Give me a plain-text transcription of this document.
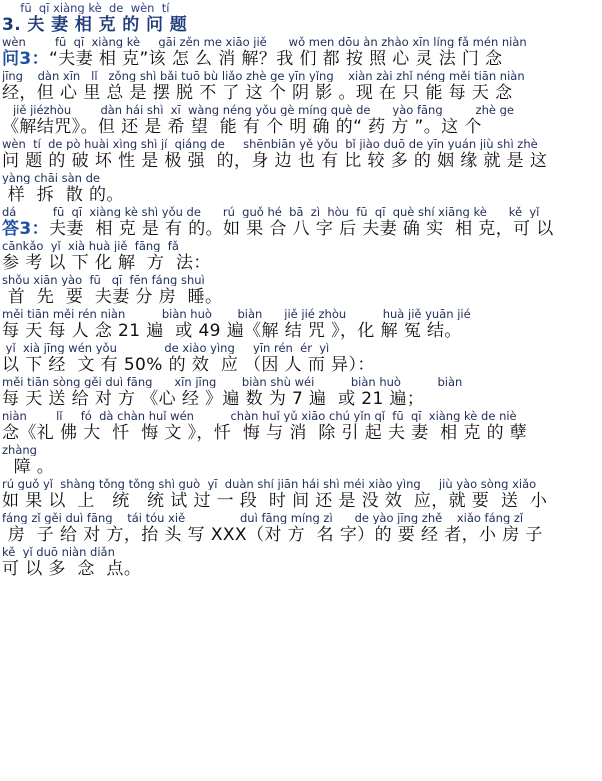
fū  qī xiàng kè  de  wèn  tí
3. 夫 妻 相 克 的 问 题
wèn        fū  qī  xiàng kè     gāi zěn me xiāo jiě      wǒ men dōu àn zhào xīn líng fǎ mén niàn
问3：“夫妻 相 克”该 怎 么 消 解？我 们 都 按 照 心 灵 法 门 念
jīng    dàn xīn   lǐ   zǒng shì bǎi tuō bù liǎo zhè ge yīn yǐng    xiàn zài zhǐ néng měi tiān niàn
经，但 心 里 总 是 摆 脱 不 了 这 个 阴 影 。现 在 只 能 每 天 念
jiě jiézhòu        dàn hái shì  xī  wàng néng yǒu gè míng què de      yào fāng         zhè ge
《解结咒》。但 还 是 希 望  能 有 个 明 确 的“ 药 方 ”。这 个
wèn  tí  de pò huài xìng shì jí  qiáng de     shēnbiān yě yǒu  bǐ jiào duō de yīn yuán jiù shì zhè
问 题 的 破 坏 性 是 极 强  的，身 边 也 有 比 较 多 的 姻 缘 就 是 这
yàng chāi sàn de
样  拆  散 的。
dá          fū  qī  xiàng kè shì yǒu de      rú  guǒ hé  bā  zì  hòu  fū  qī  què shí xiāng kè      kě  yǐ
答3：夫妻  相 克 是 有 的。如 果 合 八 字 后 夫妻 确 实  相 克，可 以
cānkǎo  yǐ  xià huà jiě  fāng  fǎ
参 考 以 下 化 解  方  法：
shǒu xiān yào  fū   qī  fēn fáng shuì
首  先  要  夫妻 分 房  睡。
měi tiān měi rén niàn          biàn huò       biàn      jiě jié zhòu          huà jiě yuān jié
每 天 每 人 念 21 遍  或 49 遍《解 结 咒 》，化 解 冤 结。
yǐ  xià jīng wén yǒu             de xiào yìng     yīn rén  ér  yì
以 下 经  文 有 50% 的 效  应 （因 人 而 异）：
měi tiān sòng gěi duì fāng      xīn jīng       biàn shù wéi          biàn huò          biàn
每 天 送 给 对 方 《心 经 》遍 数 为 7 遍  或 21 遍；
niàn        lǐ     fó  dà chàn huǐ wén          chàn huǐ yǔ xiāo chú yǐn qǐ  fū  qī  xiàng kè de niè
念《礼 佛 大  忏  悔 文 》，忏  悔 与 消  除 引 起 夫 妻  相 克 的 孽
zhàng
障 。
rú guǒ yǐ  shàng tǒng tǒng shì guò  yī  duàn shí jiān hái shì méi xiào yìng     jiù yào sòng xiǎo
如 果 以  上   统   统 试 过 一 段  时 间 还 是 没 效  应，就 要  送  小
fáng zǐ gěi duì fāng    tái tóu xiě               duì fāng míng zì      de yào jīng zhě    xiǎo fáng zǐ
房  子 给 对 方，抬 头 写 XXX（对 方  名 字）的 要 经 者，小 房 子
kě  yǐ duō niàn diǎn
可 以 多  念  点。
